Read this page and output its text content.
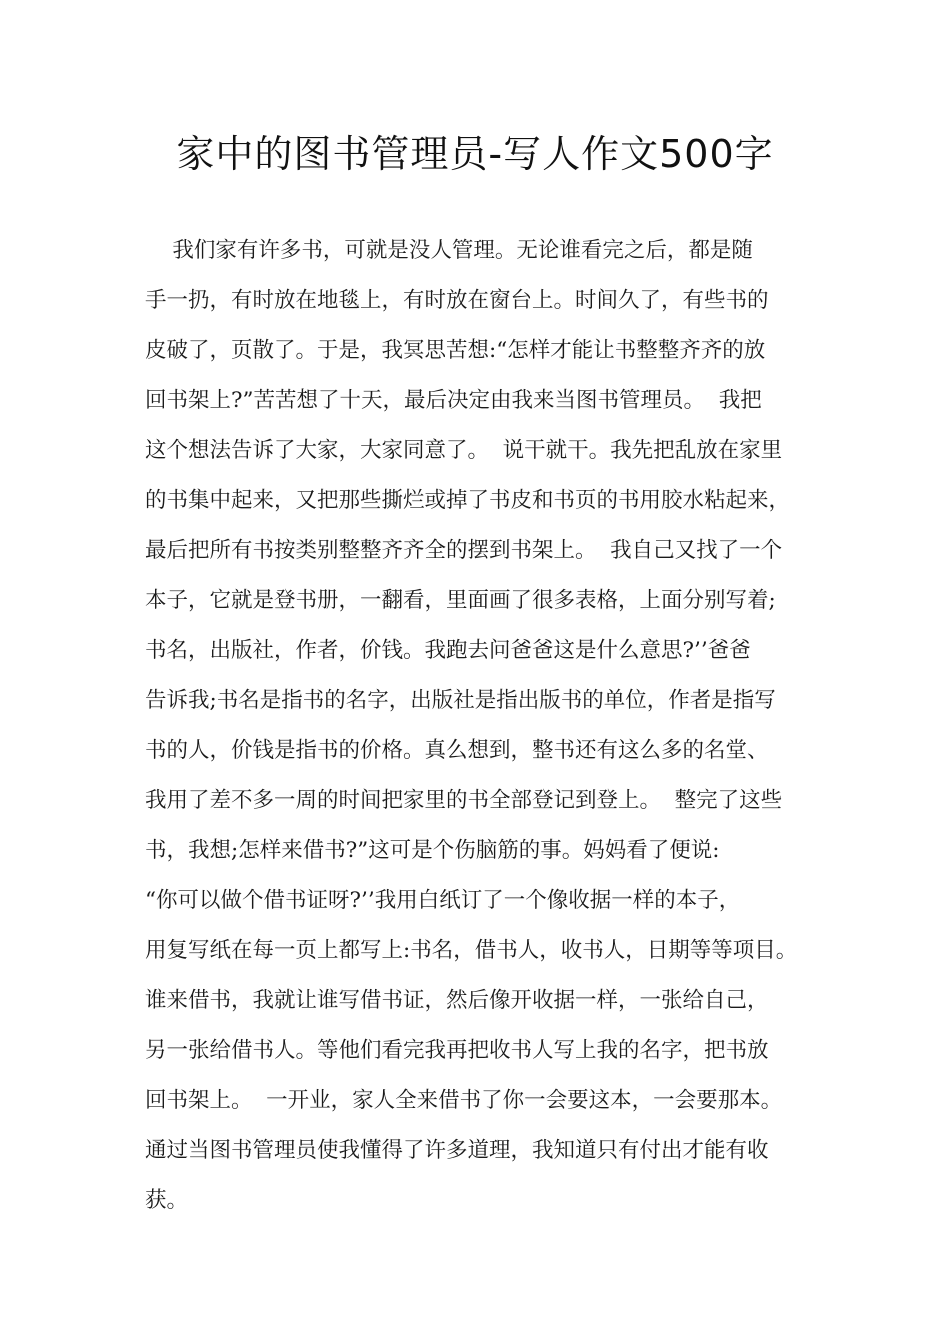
家中的图书管理员-写人作文500字
我们家有许多书，可就是没人管理。无论谁看完之后，都是随
手一扔，有时放在地毯上，有时放在窗台上。时间久了，有些书的
皮破了，页散了。于是，我冥思苦想:“怎样才能让书整整齐齐的放
回书架上?”苦苦想了十天，最后决定由我来当图书管理员。  我把
这个想法告诉了大家，大家同意了。  说干就干。我先把乱放在家里
的书集中起来，又把那些撕烂或掉了书皮和书页的书用胶水粘起来，
最后把所有书按类别整整齐齐全的摆到书架上。  我自己又找了一个
本子，它就是登书册，一翻看，里面画了很多表格，上面分别写着;
书名，出版社，作者，价钱。我跑去问爸爸这是什么意思?’’爸爸
告诉我;书名是指书的名字，出版社是指出版书的单位，作者是指写
书的人，价钱是指书的价格。真么想到，整书还有这么多的名堂、
我用了差不多一周的时间把家里的书全部登记到登上。  整完了这些
书，我想;怎样来借书?”这可是个伤脑筋的事。妈妈看了便说:
“你可以做个借书证呀?’’我用白纸订了一个像收据一样的本子，
用复写纸在每一页上都写上:书名，借书人，收书人，日期等等项目。
谁来借书，我就让谁写借书证，然后像开收据一样，一张给自己，
另一张给借书人。等他们看完我再把收书人写上我的名字，把书放
回书架上。  一开业，家人全来借书了你一会要这本，一会要那本。
通过当图书管理员使我懂得了许多道理，我知道只有付出才能有收
获。
